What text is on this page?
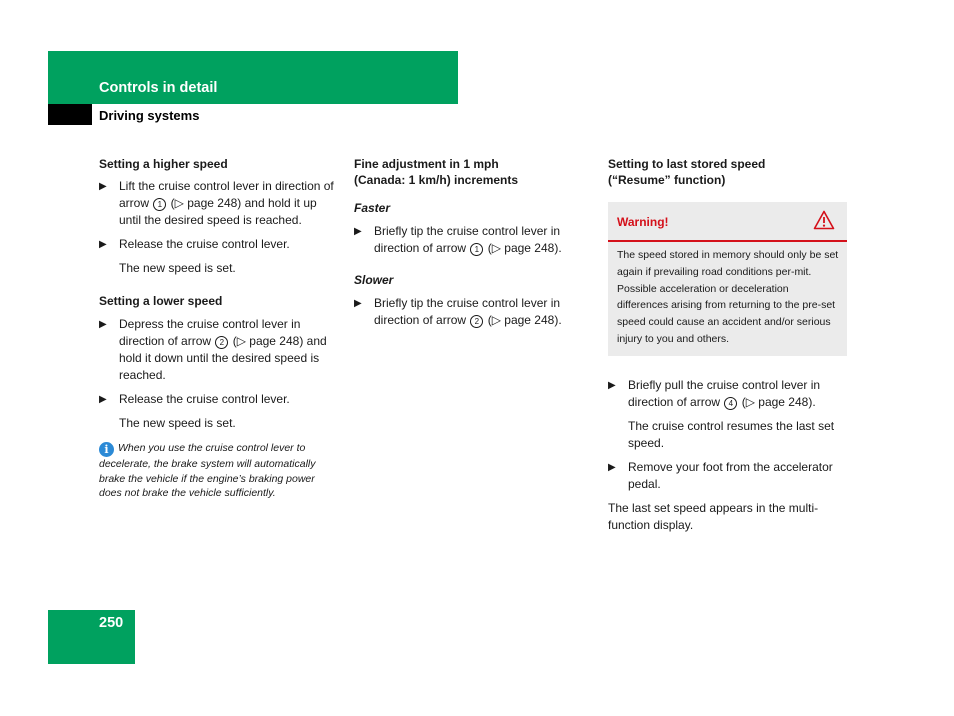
Controls in detail
Driving systems
Setting a higher speed
▶ Lift the cruise control lever in direction of arrow 1 (▷ page 248) and hold it up until the desired speed is reached.
▶ Release the cruise control lever.
The new speed is set.
Setting a lower speed
▶ Depress the cruise control lever in direction of arrow 2 (▷ page 248) and hold it down until the desired speed is reached.
▶ Release the cruise control lever.
The new speed is set.
i When you use the cruise control lever to decelerate, the brake system will automatically brake the vehicle if the engine’s braking power does not brake the vehicle sufficiently.
Fine adjustment in 1 mph
(Canada: 1 km/h) increments
Faster
▶ Briefly tip the cruise control lever in direction of arrow 1 (▷ page 248).
Slower
▶ Briefly tip the cruise control lever in direction of arrow 2 (▷ page 248).
Setting to last stored speed
(“Resume” function)
Warning!
The speed stored in memory should only be set again if prevailing road conditions per-mit. Possible acceleration or deceleration differences arising from returning to the pre-set speed could cause an accident and/or serious injury to you and others.
▶ Briefly pull the cruise control lever in direction of arrow 4 (▷ page 248).
The cruise control resumes the last set speed.
▶ Remove your foot from the accelerator pedal.
The last set speed appears in the multi-function display.
250
